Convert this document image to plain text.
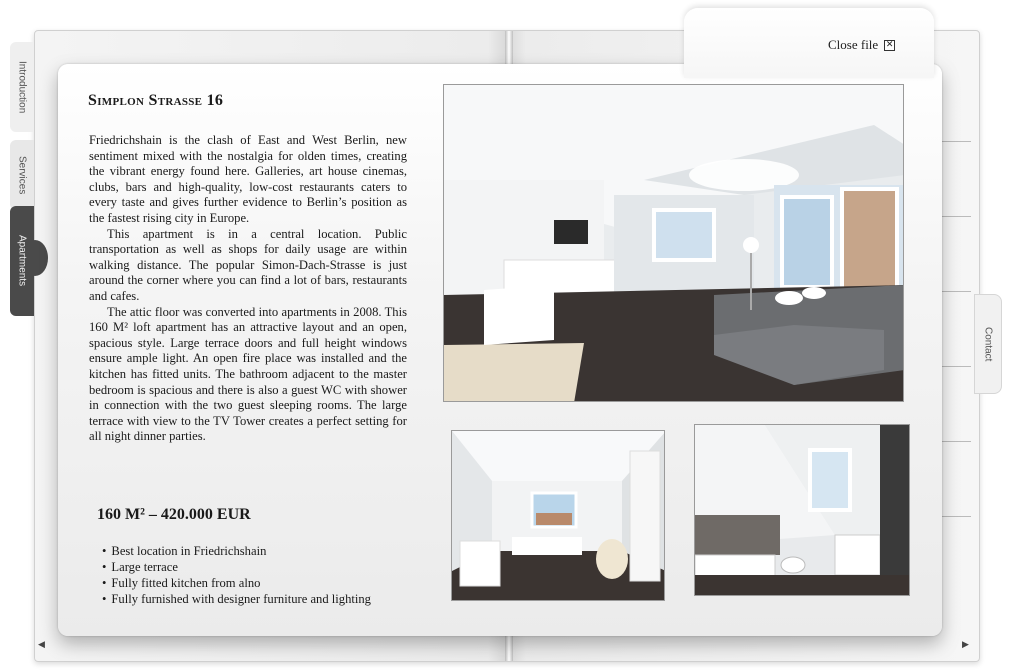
Introduction
Services
Apartments
Contact
Close file ✕
Simplon Strasse 16

Friedrichshain is the clash of East and West Berlin, new sentiment mixed with the nostalgia for olden times, creating the vibrant energy found here. Galleries, art house cinemas, clubs, bars and high-quality, low-cost restaurants caters to every taste and gives further evidence to Berlin’s position as the fastest rising city in Europe.

This apartment is in a central location. Public transportation as well as shops for daily usage are within walking distance. The popular Simon-Dach-Strasse is just around the corner where you can find a lot of bars, restaurants and cafes.

The attic floor was converted into apartments in 2008. This 160 M² loft apartment has an attractive layout and an open, spacious style. Large terrace doors and full height windows ensure ample light. An open fire place was installed and the kitchen has fitted units. The bathroom adjacent to the master bedroom is spacious and there is also a guest WC with shower in connection with the two guest sleeping rooms. The large terrace with view to the TV Tower creates a perfect setting for all night dinner parties.

160 M² – 420.000 EUR
• Best location in Friedrichshain
• Large terrace
• Fully fitted kitchen from alno
• Fully furnished with designer furniture and lighting
◀	▶
